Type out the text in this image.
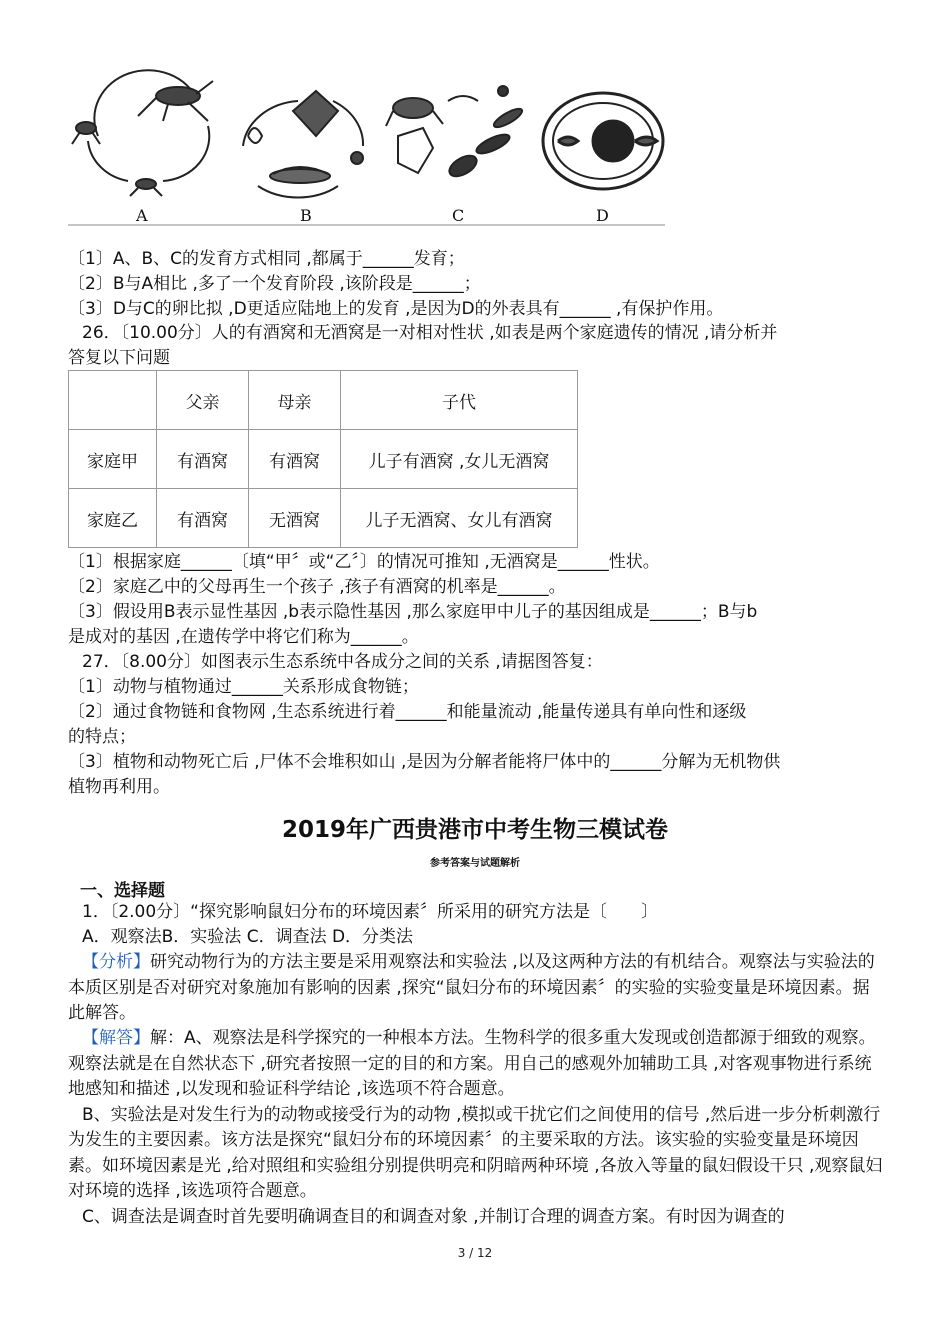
A	B	C	D
〔1〕A、B、C的发育方式相同 ,都属于______发育；
〔2〕B与A相比 ,多了一个发育阶段 ,该阶段是______；
〔3〕D与C的卵比拟 ,D更适应陆地上的发育 ,是因为D的外表具有______ ,有保护作用。
26．〔10.00分〕人的有酒窝和无酒窝是一对相对性状 ,如表是两个家庭遗传的情况 ,请分析并
答复以下问题
	父亲	母亲	子代
家庭甲	有酒窝	有酒窝	儿子有酒窝 ,女儿无酒窝
家庭乙	有酒窝	无酒窝	儿子无酒窝、女儿有酒窝
〔1〕根据家庭______〔填“甲〞或“乙〞〕的情况可推知 ,无酒窝是______性状。
〔2〕家庭乙中的父母再生一个孩子 ,孩子有酒窝的机率是______。
〔3〕假设用B表示显性基因 ,b表示隐性基因 ,那么家庭甲中儿子的基因组成是______；B与b
是成对的基因 ,在遗传学中将它们称为______。
27．〔8.00分〕如图表示生态系统中各成分之间的关系 ,请据图答复：
〔1〕动物与植物通过______关系形成食物链；
〔2〕通过食物链和食物网 ,生态系统进行着______和能量流动 ,能量传递具有单向性和逐级
的特点；
〔3〕植物和动物死亡后 ,尸体不会堆积如山 ,是因为分解者能将尸体中的______分解为无机物供
植物再利用。
2019年广西贵港市中考生物三模试卷
参考答案与试题解析
一、选择题
1．〔2.00分〕“探究影响鼠妇分布的环境因素〞所采用的研究方法是〔　　〕
A．观察法B．实验法 C．调查法 D．分类法

【分析】研究动物行为的方法主要是采用观察法和实验法 ,以及这两种方法的有机结合。观察法与实验法的本质区别是否对研究对象施加有影响的因素 ,探究“鼠妇分布的环境因素〞的实验的实验变量是环境因素。据此解答。

【解答】解：A、观察法是科学探究的一种根本方法。生物科学的很多重大发现或创造都源于细致的观察。观察法就是在自然状态下 ,研究者按照一定的目的和方案。用自己的感观外加辅助工具 ,对客观事物进行系统地感知和描述 ,以发现和验证科学结论 ,该选项不符合题意。

B、实验法是对发生行为的动物或接受行为的动物 ,模拟或干扰它们之间使用的信号 ,然后进一步分析刺激行为发生的主要因素。该方法是探究“鼠妇分布的环境因素〞的主要采取的方法。该实验的实验变量是环境因素。如环境因素是光 ,给对照组和实验组分别提供明亮和阴暗两种环境 ,各放入等量的鼠妇假设干只 ,观察鼠妇对环境的选择 ,该选项符合题意。

C、调查法是调查时首先要明确调查目的和调查对象 ,并制订合理的调查方案。有时因为调查的

3 / 12
